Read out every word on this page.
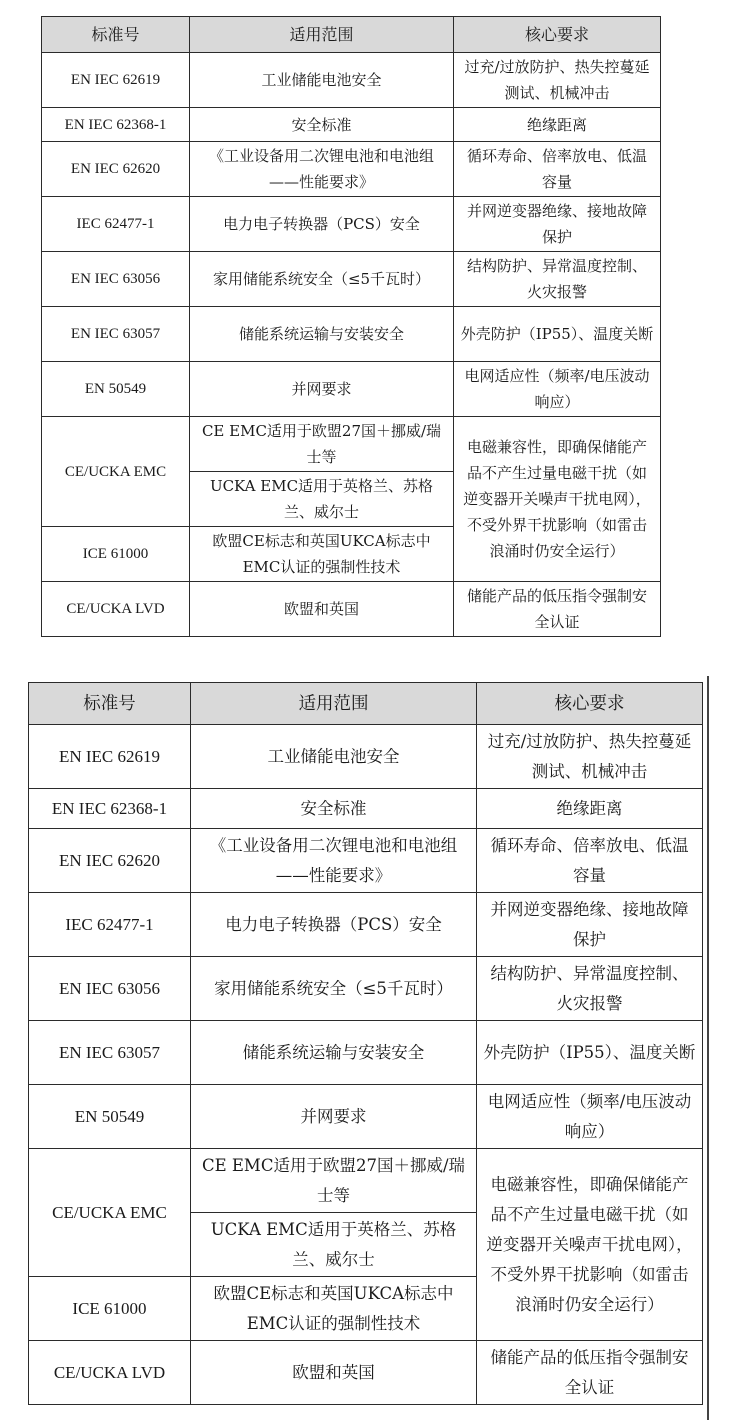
标准号	适用范围	核心要求
EN IEC 62619	工业储能电池安全	过充/过放防护、热失控蔓延测试、机械冲击
EN IEC 62368-1	安全标准	绝缘距离
EN IEC 62620	《工业设备用二次锂电池和电池组——性能要求》	循环寿命、倍率放电、低温容量
IEC 62477-1	电力电子转换器（PCS）安全	并网逆变器绝缘、接地故障保护
EN IEC 63056	家用储能系统安全（≤5千瓦时）	结构防护、异常温度控制、火灾报警
EN IEC 63057	储能系统运输与安装安全	外壳防护（IP55）、温度关断
EN 50549	并网要求	电网适应性（频率/电压波动响应）
CE/UCKA EMC	CE EMC适用于欧盟27国＋挪威/瑞士等	电磁兼容性，即确保储能产品不产生过量电磁干扰（如逆变器开关噪声干扰电网），不受外界干扰影响（如雷击浪涌时仍安全运行）
	UCKA EMC适用于英格兰、苏格兰、威尔士	
ICE 61000	欧盟CE标志和英国UKCA标志中EMC认证的强制性技术	
CE/UCKA LVD	欧盟和英国	储能产品的低压指令强制安全认证
标准号	适用范围	核心要求
EN IEC 62619	工业储能电池安全	过充/过放防护、热失控蔓延测试、机械冲击
EN IEC 62368-1	安全标准	绝缘距离
EN IEC 62620	《工业设备用二次锂电池和电池组——性能要求》	循环寿命、倍率放电、低温容量
IEC 62477-1	电力电子转换器（PCS）安全	并网逆变器绝缘、接地故障保护
EN IEC 63056	家用储能系统安全（≤5千瓦时）	结构防护、异常温度控制、火灾报警
EN IEC 63057	储能系统运输与安装安全	外壳防护（IP55）、温度关断
EN 50549	并网要求	电网适应性（频率/电压波动响应）
CE/UCKA EMC	CE EMC适用于欧盟27国＋挪威/瑞士等	电磁兼容性，即确保储能产品不产生过量电磁干扰（如逆变器开关噪声干扰电网），不受外界干扰影响（如雷击浪涌时仍安全运行）
	UCKA EMC适用于英格兰、苏格兰、威尔士	
ICE 61000	欧盟CE标志和英国UKCA标志中EMC认证的强制性技术	
CE/UCKA LVD	欧盟和英国	储能产品的低压指令强制安全认证
